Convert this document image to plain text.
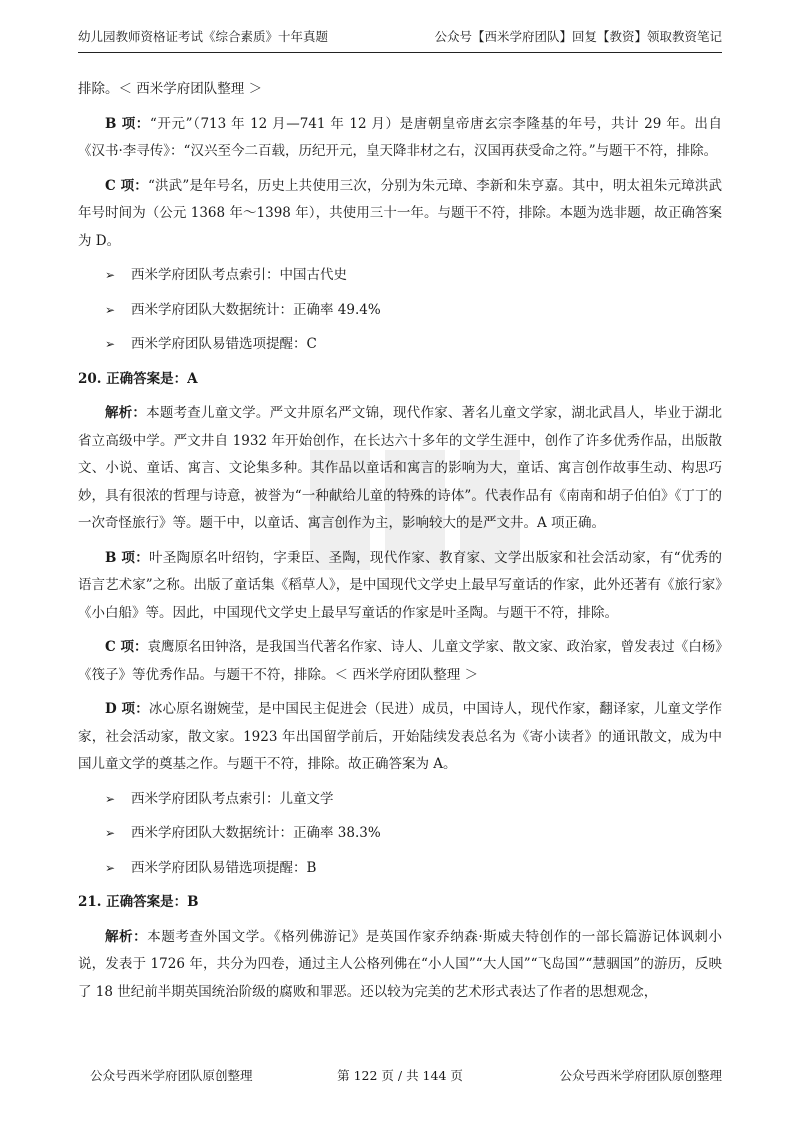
幼儿园教师资格证考试《综合素质》十年真题	公众号【西米学府团队】回复【教资】领取教资笔记

排除。＜ 西米学府团队整理 ＞

B 项：“开元”（713 年 12 月—741 年 12 月）是唐朝皇帝唐玄宗李隆基的年号，共计 29 年。出自《汉书·李寻传》：“汉兴至今二百载，历纪开元，皇天降非材之右，汉国再获受命之符。”与题干不符，排除。

C 项：“洪武”是年号名，历史上共使用三次，分别为朱元璋、李新和朱亨嘉。其中，明太祖朱元璋洪武年号时间为（公元 1368 年～1398 年），共使用三十一年。与题干不符，排除。本题为选非题，故正确答案为 D。

➢	西米学府团队考点索引：中国古代史
➢	西米学府团队大数据统计：正确率 49.4%
➢	西米学府团队易错选项提醒：C

20. 正确答案是：A

解析：本题考查儿童文学。严文井原名严文锦，现代作家、著名儿童文学家，湖北武昌人，毕业于湖北省立高级中学。严文井自 1932 年开始创作，在长达六十多年的文学生涯中，创作了许多优秀作品，出版散文、小说、童话、寓言、文论集多种。其作品以童话和寓言的影响为大，童话、寓言创作故事生动、构思巧妙，具有很浓的哲理与诗意，被誉为“一种献给儿童的特殊的诗体”。代表作品有《南南和胡子伯伯》《丁丁的一次奇怪旅行》等。题干中，以童话、寓言创作为主，影响较大的是严文井。A 项正确。

B 项：叶圣陶原名叶绍钧，字秉臣、圣陶，现代作家、教育家、文学出版家和社会活动家，有“优秀的语言艺术家”之称。出版了童话集《稻草人》，是中国现代文学史上最早写童话的作家，此外还著有《旅行家》《小白船》等。因此，中国现代文学史上最早写童话的作家是叶圣陶。与题干不符，排除。

C 项：袁鹰原名田钟洛，是我国当代著名作家、诗人、儿童文学家、散文家、政治家，曾发表过《白杨》《筏子》等优秀作品。与题干不符，排除。＜ 西米学府团队整理 ＞

D 项：冰心原名谢婉莹，是中国民主促进会（民进）成员，中国诗人，现代作家，翻译家，儿童文学作家，社会活动家，散文家。1923 年出国留学前后，开始陆续发表总名为《寄小读者》的通讯散文，成为中国儿童文学的奠基之作。与题干不符，排除。故正确答案为 A。

➢	西米学府团队考点索引：儿童文学
➢	西米学府团队大数据统计：正确率 38.3%
➢	西米学府团队易错选项提醒：B

21. 正确答案是：B

解析：本题考查外国文学。《格列佛游记》是英国作家乔纳森·斯威夫特创作的一部长篇游记体讽刺小说，发表于 1726 年，共分为四卷，通过主人公格列佛在“小人国”“大人国”“飞岛国”“慧骃国”的游历，反映了 18 世纪前半期英国统治阶级的腐败和罪恶。还以较为完美的艺术形式表达了作者的思想观念，

公众号西米学府团队原创整理	第 122 页 / 共 144 页	公众号西米学府团队原创整理
